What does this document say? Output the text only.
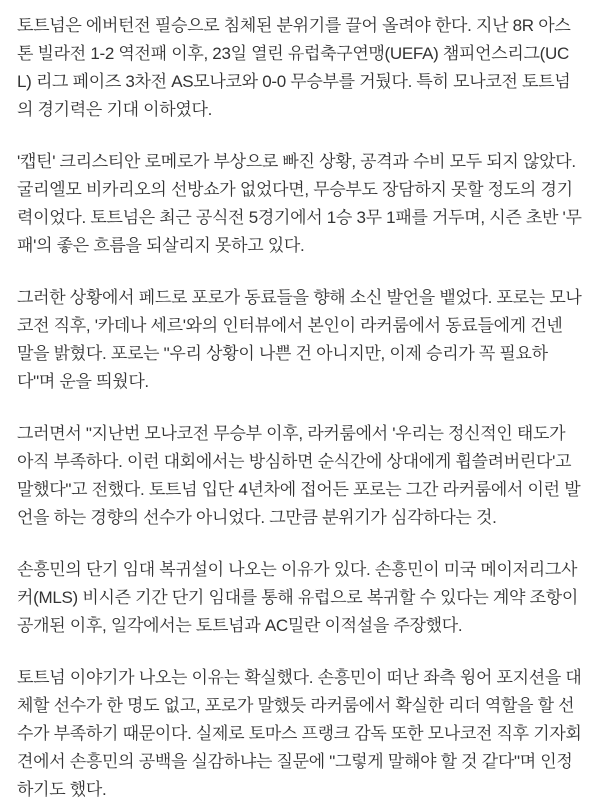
토트넘은 에버턴전 필승으로 침체된 분위기를 끌어 올려야 한다. 지난 8R 아스톤 빌라전 1-2 역전패 이후, 23일 열린 유럽축구연맹(UEFA) 챔피언스리그(UCL) 리그 페이즈 3차전 AS모나코와 0-0 무승부를 거뒀다. 특히 모나코전 토트넘의 경기력은 기대 이하였다.

'캡틴' 크리스티안 로메로가 부상으로 빠진 상황, 공격과 수비 모두 되지 않았다. 굴리엘모 비카리오의 선방쇼가 없었다면, 무승부도 장담하지 못할 정도의 경기력이었다. 토트넘은 최근 공식전 5경기에서 1승 3무 1패를 거두며, 시즌 초반 '무패'의 좋은 흐름을 되살리지 못하고 있다.

그러한 상황에서 페드로 포로가 동료들을 향해 소신 발언을 뱉었다. 포로는 모나코전 직후, '카데나 세르'와의 인터뷰에서 본인이 라커룸에서 동료들에게 건넨 말을 밝혔다. 포로는 "우리 상황이 나쁜 건 아니지만, 이제 승리가 꼭 필요하다"며 운을 띄웠다.

그러면서 "지난번 모나코전 무승부 이후, 라커룸에서 '우리는 정신적인 태도가 아직 부족하다. 이런 대회에서는 방심하면 순식간에 상대에게 휩쓸려버린다'고 말했다"고 전했다. 토트넘 입단 4년차에 접어든 포로는 그간 라커룸에서 이런 발언을 하는 경향의 선수가 아니었다. 그만큼 분위기가 심각하다는 것.

손흥민의 단기 임대 복귀설이 나오는 이유가 있다. 손흥민이 미국 메이저리그사커(MLS) 비시즌 기간 단기 임대를 통해 유럽으로 복귀할 수 있다는 계약 조항이 공개된 이후, 일각에서는 토트넘과 AC밀란 이적설을 주장했다.

토트넘 이야기가 나오는 이유는 확실했다. 손흥민이 떠난 좌측 윙어 포지션을 대체할 선수가 한 명도 없고, 포로가 말했듯 라커룸에서 확실한 리더 역할을 할 선수가 부족하기 때문이다. 실제로 토마스 프랭크 감독 또한 모나코전 직후 기자회견에서 손흥민의 공백을 실감하냐는 질문에 "그렇게 말해야 할 것 같다"며 인정하기도 했다.
